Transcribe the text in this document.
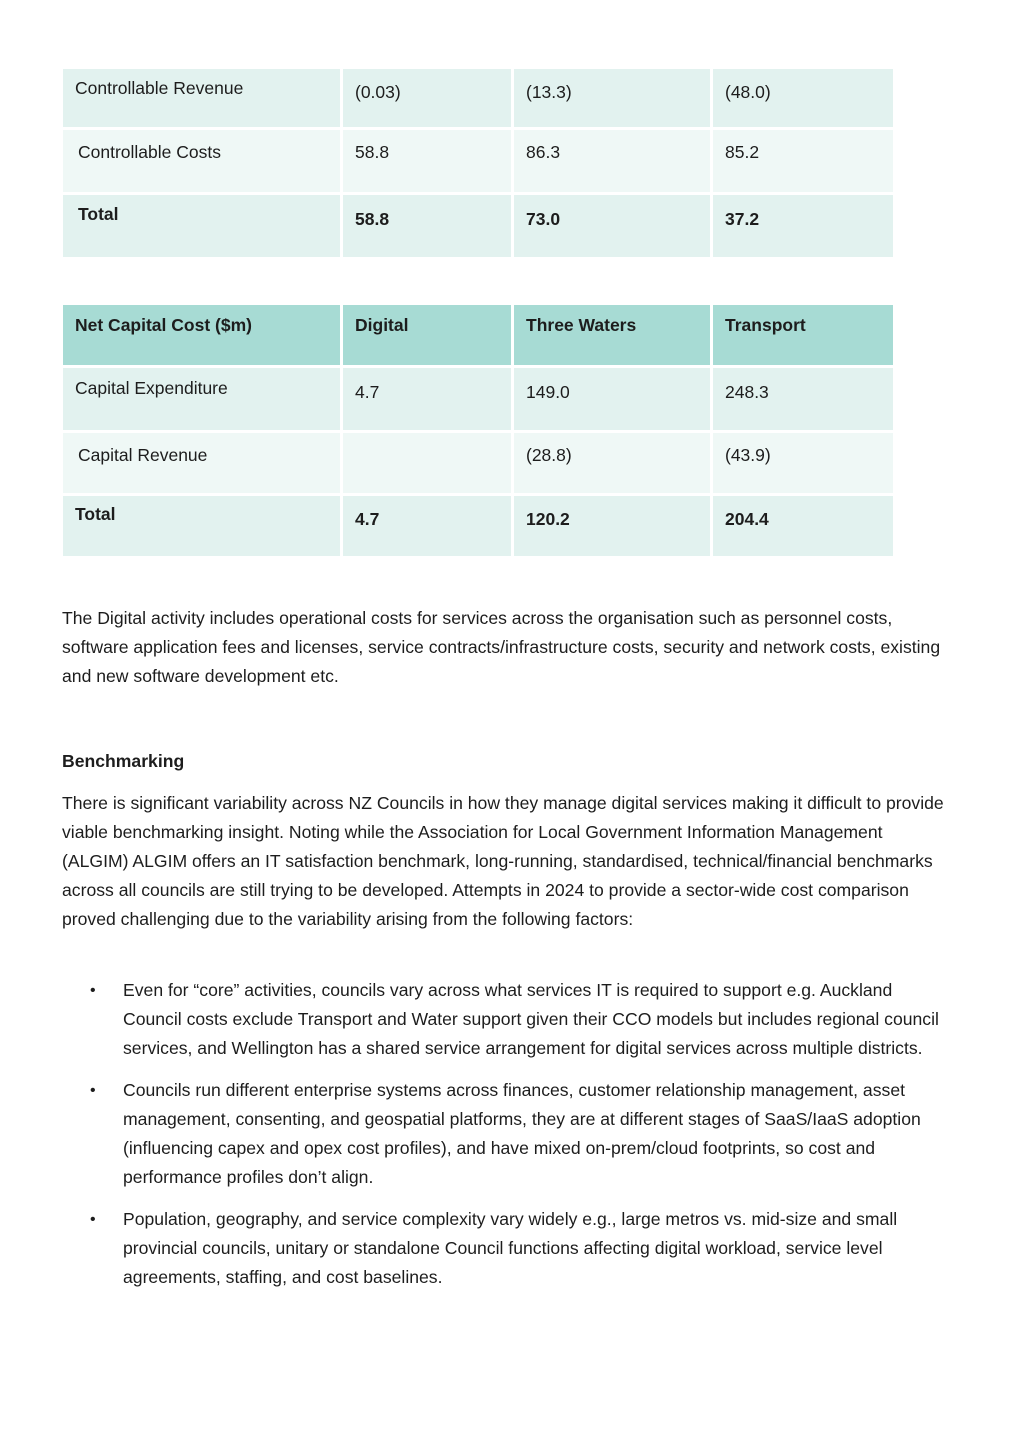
Controllable Revenue	(0.03)	(13.3)	(48.0)
Controllable Costs	58.8	86.3	85.2
Total	58.8	73.0	37.2
Net Capital Cost ($m)	Digital	Three Waters	Transport
Capital Expenditure	4.7	149.0	248.3
Capital Revenue		(28.8)	(43.9)
Total	4.7	120.2	204.4

The Digital activity includes operational costs for services across the organisation such as personnel costs, software application fees and licenses, service contracts/infrastructure costs, security and network costs, existing and new software development etc.

Benchmarking

There is significant variability across NZ Councils in how they manage digital services making it difficult to provide viable benchmarking insight. Noting while the Association for Local Government Information Management (ALGIM) ALGIM offers an IT satisfaction benchmark, long-running, standardised, technical/financial benchmarks across all councils are still trying to be developed. Attempts in 2024 to provide a sector-wide cost comparison proved challenging due to the variability arising from the following factors:

• Even for “core” activities, councils vary across what services IT is required to support e.g. Auckland Council costs exclude Transport and Water support given their CCO models but includes regional council services, and Wellington has a shared service arrangement for digital services across multiple districts.
• Councils run different enterprise systems across finances, customer relationship management, asset management, consenting, and geospatial platforms, they are at different stages of SaaS/IaaS adoption (influencing capex and opex cost profiles), and have mixed on-prem/cloud footprints, so cost and performance profiles don’t align.
• Population, geography, and service complexity vary widely e.g., large metros vs. mid-size and small provincial councils, unitary or standalone Council functions affecting digital workload, service level agreements, staffing, and cost baselines.
